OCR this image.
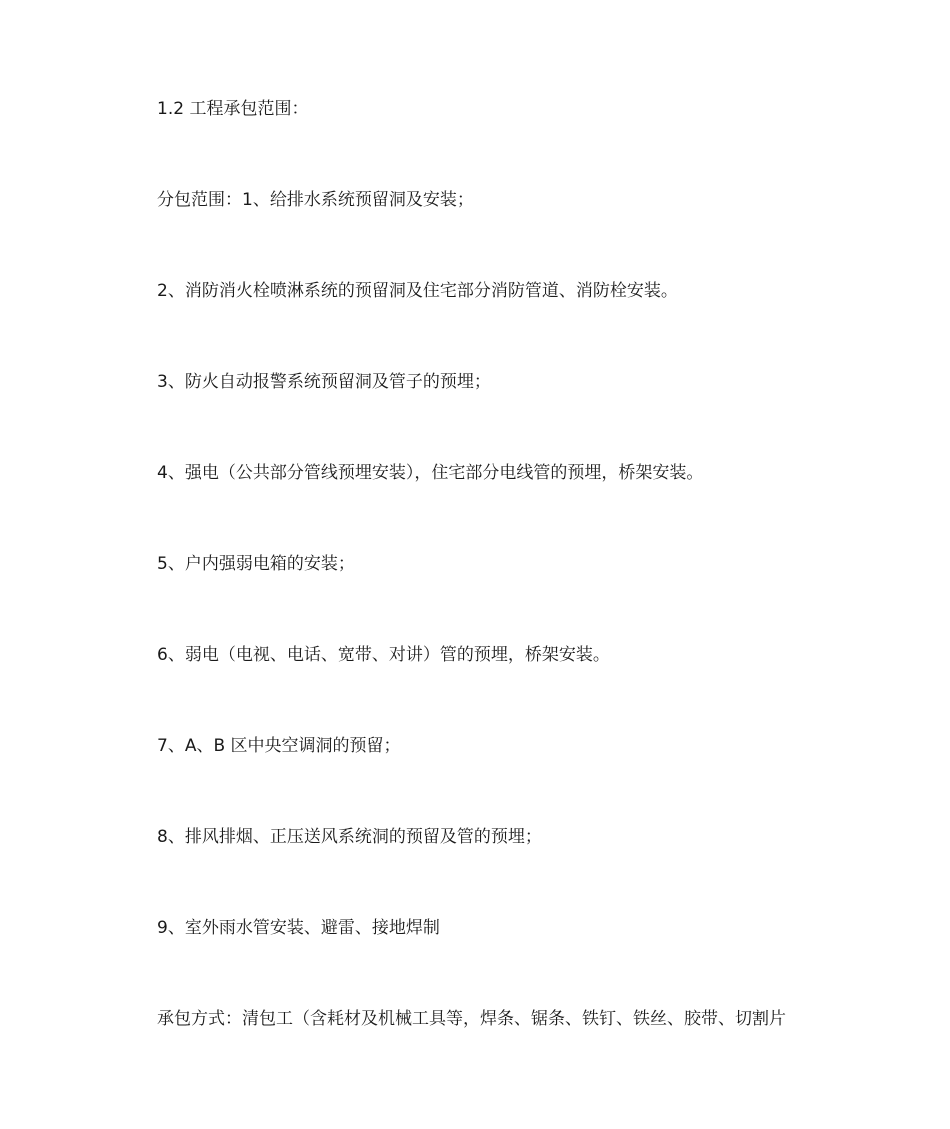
1.2 工程承包范围：
分包范围：1、给排水系统预留洞及安装；
2、消防消火栓喷淋系统的预留洞及住宅部分消防管道、消防栓安装。
3、防火自动报警系统预留洞及管子的预埋；
4、强电（公共部分管线预埋安装），住宅部分电线管的预埋，桥架安装。
5、户内强弱电箱的安装；
6、弱电（电视、电话、宽带、对讲）管的预埋，桥架安装。
7、A、B 区中央空调洞的预留；
8、排风排烟、正压送风系统洞的预留及管的预埋；
9、室外雨水管安装、避雷、接地焊制
承包方式：清包工（含耗材及机械工具等，焊条、锯条、铁钉、铁丝、胶带、切割片
